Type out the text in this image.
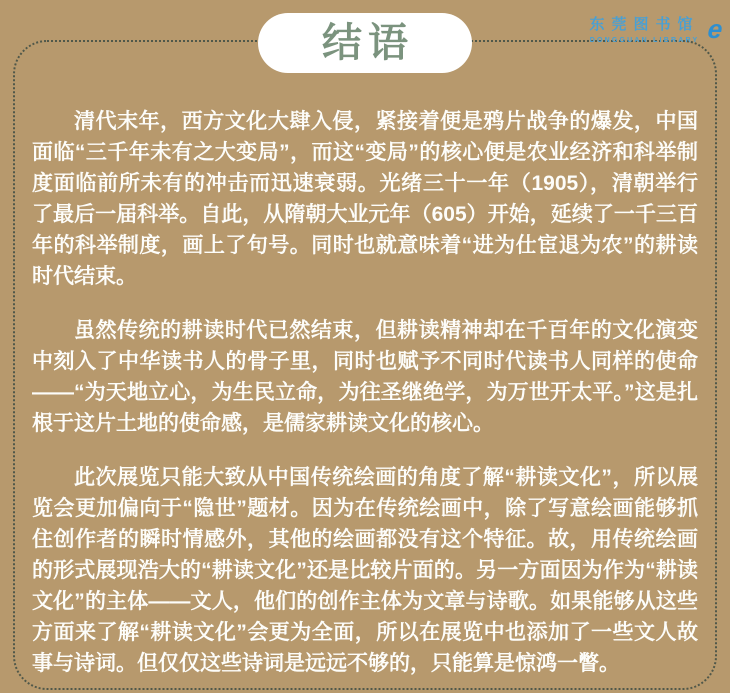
结语	东莞图书馆
DONGGUAN LIBRARY e

清代末年，西方文化大肆入侵，紧接着便是鸦片战争的爆发，中国面临“三千年未有之大变局”，而这“变局”的核心便是农业经济和科举制度面临前所未有的冲击而迅速衰弱。光绪三十一年（1905），清朝举行了最后一届科举。自此，从隋朝大业元年（605）开始，延续了一千三百年的科举制度，画上了句号。同时也就意味着“进为仕宦退为农”的耕读时代结束。

虽然传统的耕读时代已然结束，但耕读精神却在千百年的文化演变中刻入了中华读书人的骨子里，同时也赋予不同时代读书人同样的使命——“为天地立心，为生民立命，为往圣继绝学，为万世开太平。”这是扎根于这片土地的使命感，是儒家耕读文化的核心。

此次展览只能大致从中国传统绘画的角度了解“耕读文化”，所以展览会更加偏向于“隐世”题材。因为在传统绘画中，除了写意绘画能够抓住创作者的瞬时情感外，其他的绘画都没有这个特征。故，用传统绘画的形式展现浩大的“耕读文化”还是比较片面的。另一方面因为作为“耕读文化”的主体——文人，他们的创作主体为文章与诗歌。如果能够从这些方面来了解“耕读文化”会更为全面，所以在展览中也添加了一些文人故事与诗词。但仅仅这些诗词是远远不够的，只能算是惊鸿一瞥。
